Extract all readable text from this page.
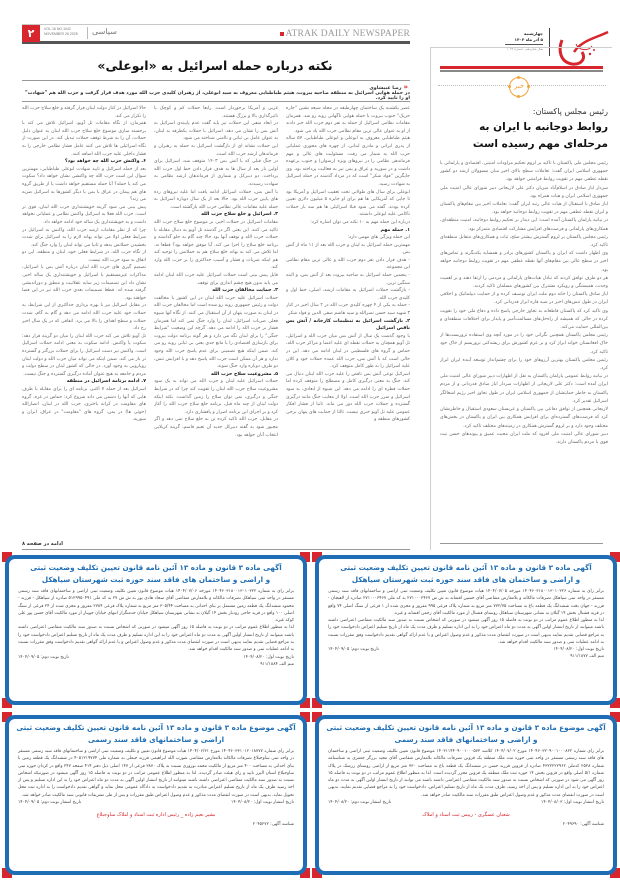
۲	VOL.16 NO.1042
NOVEMBER 26 2025	سیاسی	ATRAK DAILY NEWSPAPER	چهارشنبه
۵ آذر ماه ۱۴۰۴
سال شانزدهم - شماره ۱۰۴۲
خبر
رئیس مجلس پاکستان:
روابط دوجانبه با ایران به مرحله‌ای مهم رسیده است

رئیس مجلس ملی پاکستان با تاکید بر لزوم تحکیم مراودات امنیتی، اقتصادی و پارلمانی با جمهوری اسلامی ایران گفت: تعاملات سطح بالای اخیر میان مسوولان ارشد دو کشور نقطه عطفی مهم در تقویت روابط فرامتنی خواهد بود.

سردار ایاز صادق در اسلام‌آباد میزبان دکتر علی لاریجانی دبیر شورای عالی امنیت ملی جمهوری اسلامی ایران و هیات همراه بود.

ایاز صادق با استقبال از هیات عالی رتبه ایران گفت: تعاملات اخیر بین مقام‌های پاکستان و ایران نقطه عطفی مهم در تقویت روابط دوجانبه خواهد بود.

در بیانیه پارلمان پاکستان آمده است: این دیدار بر تحکیم روابط دوجانبه، امنیت منطقه‌ای، همکاری‌های پارلمانی و فرصت‌های افزایش مشارکت اقتصادی متمرکز بود.

رئیس مجلس پاکستان بر لزوم گسترش بیشتر صلح، ثبات و همکاری‌های متقابل منطقه‌ای تاکید کرد.

وی اظهار داشت که ایران و پاکستان کشورهای برادر و همسایه یکدیگرند و تماس‌های اخیر در سطح عالی بین مقام‌های آنها نقطه عطفی مهم در تقویت روابط دوجانبه خواهد بود.

هر دو طرف توافق کردند که تبادل هیات‌های پارلمانی و مردمی را ارتقا دهند و بر اهمیت وحدت، همبستگی و رویکرد مشترک بین کشورهای مسلمان تاکید کردند.

ایاز صادق پاکستان را خانه دوم ملت ایران توصیف کرده و از حمایت دیپلماتیک و اخلاقی ایران در طول تنش‌های اخیر در شبه قاره ابراز قدردانی کرد.

وی تاکید کرد که پاکستان قاطعانه به تجاوز خارجی پاسخ داده و دفاع ملی خود را تقویت کرده در حالی که همیشه از راه‌حل‌های مسالمت‌آمیز و پایدار برای اختلافات منطقه‌ای و بین‌المللی حمایت می‌کند.

رئیس مجلس پاکستان همچنین نگرانی خود را در مورد آنچه وی استفاده تروریست‌ها از خاک افغانستان خواند ابراز کرد و بر عزم کشورش برای ریشه‌کنی تروریسم از خاک خود تاکید کرد.

رئیس مجلس پاکستان بهترین آرزوهای خود را برای چشم‌انداز توسعه آینده ایران ابراز کرد.

در بیانیه روابط عمومی پارلمان پاکستان به نقل از اظهارات دبیر شورای عالی امنیت ملی ایران آمده است: دکتر علی لاریجانی از اظهارات سردار ایاز صادق قدردانی و از مردم پاکستان به خاطر حمایتشان از جمهوری اسلامی ایران در طول تجاوز اخیر رژیم اشغالگر اسرائیل تقدیر کرد.

لاریجانی همچنین از توافق دفاعی بین پاکستان و عربستان سعودی استقبال و خاطرنشان کرد که فرصت‌های گسترده‌ای برای افزایش همکاری بین ایران و پاکستان در بخش‌های مختلف وجود دارد و بر لزوم گسترش همکاری در زمینه‌های مختلف تاکید کرد.

دبیر شورای عالی امنیت ملی افزود که ملت ایران محبت عمیق و پیوندهای حسن نیت قوی با مردم پاکستان دارند.

نکته درباره حمله اسرائیل به «ابوعلی»
«رضا غبیشاوی
در حمله هوایی اسرائیل به منطقه ضاحیه بیروت، هیثم طباطبایی معروف به سید ابوعلی، از رهبران کلیدی حزب الله مورد هدف قرار گرفت و حزب الله هم "شهادت" او را تایید کرد.

عصر یکشنبه یک ساختمان چهارطبقه در محله شیعه نشین "حاره حریک" جنوب بیروت با حمله هوایی ناگهانی روبه رو شد. همزمان مقامات نظامی اسرائیل از حمله به نفر دوم حزب الله خبر دادند از او به عنوان عالی ترین مقام نظامی حزب الله یاد می شود.

هیثم طباطبایی معروف به ابوعلی و ابوعلی طباطبایی، ۵۷ ساله از پدری ایرانی و مادری لبنانی، از چهره های محوری عملیاتی حزب الله به شمار می رفت. مسئولیت های عالی و مهم فرماندهی نظامی را در نیروهای ویژه (رضوان) و جنوب برعهده داشت و در سوریه و عراق و یمن نیز به فعالیت پرداخته بود. وی جایگزین "فواد شکر" است که در مرداد گذشته در حمله اسرائیل به شهادت رسید.

ابوعلی برای سال های طولانی تحت تعقیب اسرائیل و آمریکا بود تا جایی که آمریکایی ها هم برای او جایزه ۵ میلیون دلاری تعیین کرده بودند. گفته می شود قبلا اسرائیلی ها هم سه بار حملات ناکامی علیه ابوعلی داشتند.

درباره این حمله مهم به ۱۰ نکته می توان اشاره کرد:

۱. حمله مهم

این حمله ویژگی های مهمی دارد:

مهمترین حمله اسرائیل به لبنان و حزب الله بعد از ۱۱ ماه از آتش بس.

- هدف قرار دادن نفر دوم حزب الله و عالی ترین مقام نظامی این مجموعه.

- پنجمین حمله اسرائیل به ضاحیه بیروت بعد از آتش بس، و البته سنگین ترین.

- بازگشت حملات اسرائیل به مقامات ارشد، اصلی، خط اول و کلیدی حزب الله.

- حمله به یکی از ۴ چهره کلیدی حزب الله در ۲ سال اخیر در کنار ۳ شهید سید حسن نصرالله و سید هاشم صفی الدین و فواد شکر

۲. بازگشت اسرائیل به تنظیمات کارخانه / آتش بس ناقص اسرائیل

با وجود گذشت یک سال از آتش بس میان حزب الله و اسرائیل، تل آویو همچنان به حملات نقطه ای علیه اعضا و مراکز حزب الله، حماس و گروه های فلسطینی در لبنان ادامه می دهد. این در حالی است که با آتش بس، حزب الله عمده حملات خود و کلان علیه اسرائیل را به طور کامل متوقف کرد.

اسرائیل نوعی آتش بس ناقص را علیه حزب الله لبنان دنبال می کند. جنگ به معنی درگیری کامل و مصطلح را متوقف کرده اما حملات قطره ای را ادامه می دهد. این شیوه از ابعادی، به سود اسرائیل و ضرر حزب الله است. اولا از معایب جنگ مانند درگیری گسترده و حملات حزب الله دور می ماند. ثانیا از فشار افکار عمومی علیه تل آویو خبری نیست. ثالثا از حمایت های پنهان برخی کشورهای منطقه و

غربی و آمریکا برخوردار است. رابعا حملات کم و کوچک با تاثیرگذاری بالا و بزرگ هستند.

در ابعاد منفی این حملات نیز باید گفت عدم پایبندی اسرائیل به آتش بس را نشان می دهد. اسرائیل با حملات یکطرفه به لبنان، به عنوان عامل بی ثباتی و ناامنی شناخته می شود.

این حملات نشانه ای از بازگشت اسرائیل به حمله به رهبران و فرماندهان ارشد حزب الله است.

در جنگ قبلی که با آتش بس ۱۴۰۳ متوقف شد، اسرائیل برای اولین بار بعد از سال ها به هدف قرار دادن خط اول حزب الله پرداخت. دو دبیرکل و شماری از فرماندهان ارشد نظامی به شهادت رسیدند.

با آتش بس، حملات اسرائیل ادامه یافت اما علیه نیروهای رده های پایین حزب الله بود. حالا بعد از یک سال دوباره اسرائیل به حمله علیه مقامات عالی نظامی حزب الله بازگشته است.

۳. اسرائیل و خلع سلاح حزب الله

مقامات اسرائیل در حملات اخیر، بر موضوع خلع سلاح حزب الله تاکید می کنند. این یعنی اگر در گذشته تل آویو به دنبال مقابله با حملات حزب الله و توقف آنها بود حالا چند گام به جلو گذاشته و برنامه خلع سلاح را اجرا می کند. آیا موفق خواهد بود؟ قطعا نه. اما تلاش می کند به بهانه خلع سلاح هم به حملاتش را توجیه کند هم اینکه ضربات و فشار و آسیب حداکثری را بر حزب الله وارد کند.

قابل پیش بینی است حملات اسرائیل علیه حزب الله لبنان ادامه می یابد بدون هیچ چشم اندازی برای توقف.

۴. حمایت مخالفان حزب الله

حملات اسرائیل علیه حزب الله لبنان در این کشور با مخالفت دولت و رئیس جمهوری روبه رو شده است اما مخالفان حزب الله در لبنان به صورت پنهان از آن استقبال می کنند. از نگاه آنها شیوه فعلی ضربات اسرائیل، لبنان را وارد جنگ نمی کند اما همزمان فشار بر حزب الله را ادامه می دهد. گرچه این وضعیت "شرایط جنگی" را برای لبنان نگه می دارد و هر گونه برنامه دولت بیروت برای بازسازی اقتصادی را با مانع جدی یعنی بی ثباتی روبه رو می کند. ضمن اینکه هیچ تضمینی برای عدم پاسخ حزب الله وجود ندارد و هر آن ممکن است حزب الله پاسخ دهد و با افزایش تنش، دو طرف دوباره وارد جنگ شوند.

۵. مشروعیت سلاح حزب الله

حملات اسرائیل علیه لبنان و حزب الله می تواند به یک سود مشروعیت سلاح حزب الله لبنان را تقویت کند چرا که در شرایط جنگی و درگیری، نمی توان سلاح را زمین گذاشت. نکته اینکه دولت لبنان از چند ماه قبل، برنامه خلع سلاح حزب الله را آغاز کرد و بر اجرای این برنامه اصرار و پافشاری دارد.

در مقابل، حزب الله تاکید کرده تن به خلع سلاح نمی دهد و اگر مجبور شود به گفته دبیرکل جدید آن نعیم قاسم، گزینه کربلایی انتخاب آنان خواهد بود.

حالا اسرائیل در کنار دولت لبنان قرار گرفته و خلع سلاح حزب الله را تکرار می کند.

همزمان، از نگاه مقامات تل آویو، اسرائیل تلاش می کند با برجسته سازی موضوع خلع سلاح حزب الله لبنان به عنوان دلیل حملات، آن را به شرط توقف حملات تبدیل کند. در این صورت از نگاه اسرائیلی ها تلاش می کنند عامل فشار نظامی خارجی را به فشار داخلی علیه حزب الله اضافه کنند.

۶. واکنش حزب الله چه خواهد بود؟

بعد از حمله اسرائیل و تایید شهادت ابوعلی طباطبایی، مهمترین سوال این است حزب الله چه واکنشی نشان خواهد داد؟ سکوت می کند یا حمله؟ آیا حمله مستقیم خواهد داشت یا از طریق گروه های هم پیمان در عراق یا یمن یا دیگر کشورها به اسرائیل ضربه می زند؟

پیش بینی می شود گزینه خویشتنداری حزب الله لبنان، قوی تر است. حزب الله فعلا به اسرائیل واکنش نظامی و عملیاتی نخواهد داشت و به خویشتنداری یک ساله خود ادامه خواهد داد.

چرا که از نظر مقامات ارشد حزب الله، واکنش به اسرائیل در شرایط فعلی اولا می تواند بهانه لازم را به اسرائیل برای شدت بخشیدن حملاتش بدهد و ثانیا می تواند لبنان را وارد جنگ کند.

از نگاه حزب الله، در شرایط فعلی خود، لبنان و منطقه، این دو اتفاق به سود حزب الله نیست.

تصمیم گیری های حزب الله لبنان درباره آتش بس با اسرائیل، مذاکرات غیرمستقیم با اسرائیل و خویشتنداری یک ساله اخیر، نشان داد این تصمیمات زیر سایه عقلانیت و منطق و دوراندیشی گرفته شده اند. قطعا تصمیمات بعدی حزب الله نیز در این فضا خواهند بود.

در مقابل اسرائیل نیز با بهره برداری حداکثری از این شرایط، به حملات خود علیه حزب الله ادامه می دهد و گام به گام، شدت حملات و سطح اهداف را بالا می برد. اتفاقی که در یک سال اخیر رخ داد.

تل آویو تلاش می کند حزب الله لبنان را میان دو گزینه قرار دهد: سکوت یا واکنش. ادامه سکوت به معنی ادامه حملات اسرائیل است. واکنش نیز دست اسرائیل را برای حملات بزرگتر و گسترده تر باز می کند. ضمن اینکه می تواند میان حزب الله و دولت لبنان رویارویی به وجود آورد. در حالی که کشور لبنان در سطح دولت و مردم و جامعه به هیچ عنوان آماده درگیری گسترده و جنگ نیست.

۷. ادامه برنامه اسرائیل در منطقه

اسرائیل بعد از حمله ۷ اکتبر، برنامه ای را برای مقابله با طرف هایی که آنها را دشمن می داند شروع کرد: حماس در غزه، گروه های مقاومت در کرانه باختری، حزب الله در لبنان، انصارالله (حوثی ها) در یمن، گروه های "مقاومت" در عراق، ایران و سوریه.

ادامه در صفحه ۸
آگهی ماده ۳ قانون و ماده ۱۳ آئین نامه قانون تعیین تکلیف وضعیت ثبتی
و اراضی و ساختمان های فاقد سند حوزه ثبت شهرستان سیاهکل

برابر رای به شماره ۱۴۰۴۶۰۳۱۸۰۰۱۳۰۱۰۳۲۶ مورخه ۱۴۰۴/۰۷/۰۵ هیات موضوع قانون تعیین تکلیف وضعیت ثبتی اراضی و ساختمانهای فاقد سند رسمی مستقر در واحد ثبتی سیاهکل تصرفات مالکانه و بلامعارض متقاضی آقای حسین افشانه به ش ش ۲۷۱۰۰۰۳۴۶۷ به کد ملی ۲۷۱۰۰۰۳۴۶۷ صادره از لاهیجان - فرزند - جهان بخت ششدانگ یک قطعه باغ به مساحت ۷۷۲/۷۵ متر مربع به شماره پلاک فرعی ۹۹۵ مفروز و مجزی شده از ۱ فرعی از سنگ اصلی ۷۴ واقع در قریه فشتال بخش ۱۴ گیلان به نشانی شهرستان سیاهکل روستای فشتال از مورد مالکیت آقای رحمن افشانه و غیره.

لذا به منظور اطلاع عموم مراتب در دو نوبت به فاصله ۱۵ روز آگهی میشود در صورتی که اشخاص نسبت به صدور سند مالکیت متقاضی اعتراضی داشته باشند میتوانند از تاریخ انتشار اولین آگهی به مدت دو ماه اعتراض خود را به این اداره تسلیم و ظرف مدت یک ماه از تاریخ تسلیم اعتراض دادخواست خود را به مراجع قضایی تقدیم نمایند بدیهی است در صورت انقضای مدت مذکور و عدم وصول اعتراض و یا عدم ارائه گواهی تقدیم دادخواست وفق مقررات نسبت به ادامه عملیات ثبتی و صدور سند مالکیت اقدام خواهد شد.

تاریخ نوبت اول: ۱۴۰۴/۰۸/۲۰
تاریخ نوبت دوم: ۱۴۰۴/۰۹/۰۵
میم الف ۹۱۱/۱۸۷۷
آگهی ماده ۳ قانون و ماده ۱۳ آئین نامه قانون تعیین تکلیف وضعیت ثبتی
و اراضی و ساختمان های فاقد سند حوزه ثبت شهرستان سیاهکل

برابر رای به شماره ۱۴۰۴۶۰۳۱۸۰۰۱۳۰۱۰۳۲۲ مورخه ۱۴۰۴/۰۷/۰۶ هیات موضوع قانون تعیین تکلیف وضعیت ثبتی اراضی و ساختمانهای فاقد سند رسمی مستقر در واحد ثبتی سیاهکل تصرفات مالکانه و بلامعارض متقاضی آقای سجاد هادی پور به ش ش ۲۷ به کد ملی ۵۱۲۹۹۵۰۴۹۱ صادره از سیاهکل - فرزند - محمود ششدانگ یک قطعه زمین مشتمل بر بنای احداثی به مساحت ۳۰۵/۴۴ متر مربع به شماره پلاک فرعی ۲۷۸۴ مفروز و مجزی شده از ۲۴ فرعی از سنگ اصلی ۱۰۰ واقع در قریه حاجی رودبار بخش ۱۴ گیلان به نشانی شهرستان سیاهکل خیابان خدمتگزار انتهای خیابان جویبار از مورد مالکیت آقای حسن پور علی کوکه غیره.

لذا به منظور اطلاع عموم مراتب در دو نوبت به فاصله ۱۵ روز آگهی میشود در صورتی که اشخاص نسبت به صدور سند مالکیت متقاضی اعتراضی داشته باشند میتوانند از تاریخ انتشار اولین آگهی به مدت دو ماه اعتراض خود را به این اداره تسلیم و ظرف مدت یک ماه از تاریخ تسلیم اعتراض دادخواست خود را به مراجع قضایی تقدیم نمایند بدیهی است در صورت انقضای مدت مذکور و عدم وصول اعتراض و یا عدم ارائه گواهی تقدیم دادخواست وفق مقررات نسبت به ادامه عملیات ثبتی و صدور سند مالکیت اقدام خواهد شد.

تاریخ نوبت اول: ۱۴۰۴/۰۸/۲۰
تاریخ نوبت دوم: ۱۴۰۴/۰۹/۰۵
میم الف ۹۱۱/۱۸۸۴
آگهی موضوع ماده ۳ قانون و ماده ۱۳ آئین نامه قانون تعیین تکلیف وضعیت ثبتی
و اراضی و ساختمانهای فاقد سند رسمی

برابر رای شماره ۱۴۰۴۶۰۳۲۰۹۰۰۱۰۰۰۸۲۲ مورخ ۱۴۰۴/۰۷/۰۲ کلاسه ۱۴۰۳۱۱۴۴۰۹۰۰۱۰۰۰۵۷۳ موضوع قانون تعیین تکلیف وضعیت ثبتی اراضی و ساختمان های فاقد سند رسمی مستقر در واحد ثبتی حوزه ثبت ملک منطقه یک قزوین تصرفات مالکانه بلامعارض متقاضی آقای مجید بزرگر جعفری به شناسنامه شماره ۲۵۲۸ کدملی ۴۳۲۲۲۲۲۹۶۲ صادره از قزوین فرزند حسن در ششدانگ یک قطعه باغ به مساحت ۷۳۰ متر مربع از اراضی روستای زرشک در پلاک شماره ۵/۱ اصلی واقع در قزوین بخش ۱۴ حوزه ثبت ملک منطقه یک قزوین محرز گردیده است. لذا به منظور اطلاع عموم مراتب در دو نوبت به فاصله ۱۵ روز آگهی می شود در صورتی که اشخاص نسبت به صدور سند مالکیت متقاضی اعتراضی داشته باشند می توانند از تاریخ انتشار اولین آگهی به مدت دو ماه اعتراض خود را به این اداره تسلیم و پس از اخذ رسید، ظرف مدت یک ماه از تاریخ تسلیم اعتراض، دادخواست خود را به مراجع قضایی تقدیم نمایند. بدیهی است در صورت انقضای مدت مذکور و عدم وصول اعتراض طبق مقررات سند مالکیت صادر خواهد شد.

تاریخ انتشار نوبت اول: ۱۴۰۴/۰۸/۰۳
تاریخ انتشار نوبت دوم: ۱۴۰۴/۰۸/۲۰
شعبان عسگری - رییس ثبت اسناد و املاک
شناسه آگهی: ۲۰۴۹۶۹۰
آگهی موضوع ماده ۳ قانون و ماده ۱۳ آئین نامه قانون تعیین تکلیف وضعیت ثبتی
اراضی و ساختمانهای فاقد سند رسمی

برابر رای شماره ۱۴۰۴۶۰۳۳۱۰۱۲۰۱۸۷۷۷ مورخ ۱۴۰۴/۰۶/۳۱ هیات موضوع قانون تعیین و تکلیف وضعیت ثبتی اراضی و ساختمانهای فاقد سند رسمی مستقر در واحد ثبتی ساوجبلاغ تصرفات مالکانه بلامعارض متقاضی شورب الله ابراهیمی فرزند جبعلی به شماره ملی ۴۰۵۱۲۱۹۷۷۴ در ششدانگ یک قطعه زمین با بنای احداثی به مساحت ۴۰۰ متر مربع از مالکیت محمد نوروزی نسبت به پلاک ۳۸۷۰ فرعی از ۱۴۷ اصلی ذیل دفتر ۴۱۴ صفحه ۲۴۷ واقع در کردان حوزه ثبتی ساوجبلاغ استان البرز تایید و رای هیئت صادر گردیده. لذا به منظور اطلاع عمومی مراتب در دو نوبت به فاصله ۱۵ روز آگهی میشود در صورتیکه اشخاص نسبت به صدور سند مالکیت متقاضی اعتراضی داشته باشند میتوانند از تاریخ انتشار اولین آگهی به مدت دو ماه اعتراض خود را به این اداره تسلیم و پس از اخذ رسید ظرف یک ماه از تاریخ تسلیم اعتراض مبادرت به تقدیم دادخواست به دادگاه عمومی محل نماید و گواهی تقدیم دادخواست را به اداره ثبت محل تحویل نماید. بدیهی است در صورت انقضای مدت مذکور و عدم وصول اعتراض طبق مقررات و پس از طی تشریفات قانونی سند مالکیت صادر خواهد شد.

تاریخ انتشار نوبت اول: ۱۴۰۴/۰۸/۲۰
تاریخ انتشار نوبت دوم: ۱۴۰۴/۰۹/۰۵
بشیر نعیم زاده _ رئیس اداره ثبت اسناد و املاک ساوجبلاغ
شناسه آگهی: ۲۰۴۵۲۷۲
